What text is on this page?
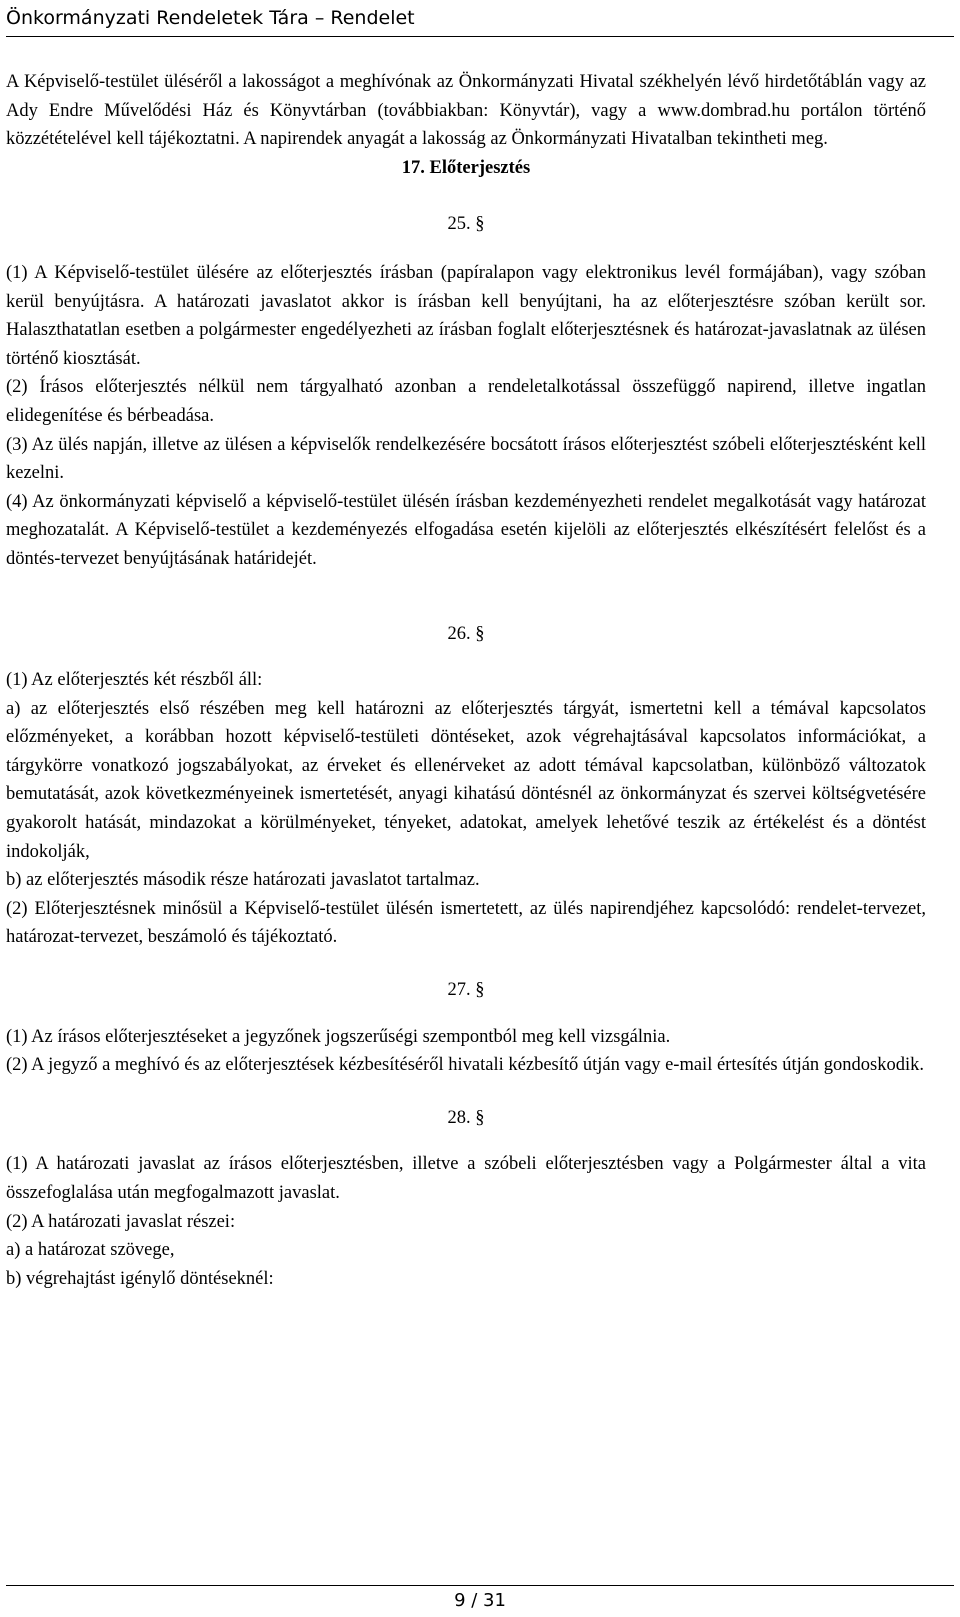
Önkormányzati Rendeletek Tára – Rendelet

A Képviselő-testület üléséről a lakosságot a meghívónak az Önkormányzati Hivatal székhelyén lévő hirdetőtáblán vagy az Ady Endre Művelődési Ház és Könyvtárban (továbbiakban: Könyvtár), vagy a www.dombrad.hu portálon történő közzétételével kell tájékoztatni. A napirendek anyagát a lakosság az Önkormányzati Hivatalban tekintheti meg.

17. Előterjesztés

25. §

(1) A Képviselő-testület ülésére az előterjesztés írásban (papíralapon vagy elektronikus levél formájában), vagy szóban kerül benyújtásra. A határozati javaslatot akkor is írásban kell benyújtani, ha az előterjesztésre szóban került sor. Halaszthatatlan esetben a polgármester engedélyezheti az írásban foglalt előterjesztésnek és határozat-javaslatnak az ülésen történő kiosztását.

(2) Írásos előterjesztés nélkül nem tárgyalható azonban a rendeletalkotással összefüggő napirend, illetve ingatlan elidegenítése és bérbeadása.

(3) Az ülés napján, illetve az ülésen a képviselők rendelkezésére bocsátott írásos előterjesztést szóbeli előterjesztésként kell kezelni.

(4) Az önkormányzati képviselő a képviselő-testület ülésén írásban kezdeményezheti rendelet megalkotását vagy határozat meghozatalát. A Képviselő-testület a kezdeményezés elfogadása esetén kijelöli az előterjesztés elkészítésért felelőst és a döntés-tervezet benyújtásának határidejét.

26. §

(1) Az előterjesztés két részből áll:

a) az előterjesztés első részében meg kell határozni az előterjesztés tárgyát, ismertetni kell a témával kapcsolatos előzményeket, a korábban hozott képviselő-testületi döntéseket, azok végrehajtásával kapcsolatos információkat, a tárgykörre vonatkozó jogszabályokat, az érveket és ellenérveket az adott témával kapcsolatban, különböző változatok bemutatását, azok következményeinek ismertetését, anyagi kihatású döntésnél az önkormányzat és szervei költségvetésére gyakorolt hatását, mindazokat a körülményeket, tényeket, adatokat, amelyek lehetővé teszik az értékelést és a döntést indokolják,

b) az előterjesztés második része határozati javaslatot tartalmaz.

(2) Előterjesztésnek minősül a Képviselő-testület ülésén ismertetett, az ülés napirendjéhez kapcsolódó: rendelet-tervezet, határozat-tervezet, beszámoló és tájékoztató.

27. §

(1) Az írásos előterjesztéseket a jegyzőnek jogszerűségi szempontból meg kell vizsgálnia.

(2) A jegyző a meghívó és az előterjesztések kézbesítéséről hivatali kézbesítő útján vagy e-mail értesítés útján gondoskodik.

28. §

(1) A határozati javaslat az írásos előterjesztésben, illetve a szóbeli előterjesztésben vagy a Polgármester által a vita összefoglalása után megfogalmazott javaslat.

(2) A határozati javaslat részei:

a) a határozat szövege,

b) végrehajtást igénylő döntéseknél:

9 / 31
